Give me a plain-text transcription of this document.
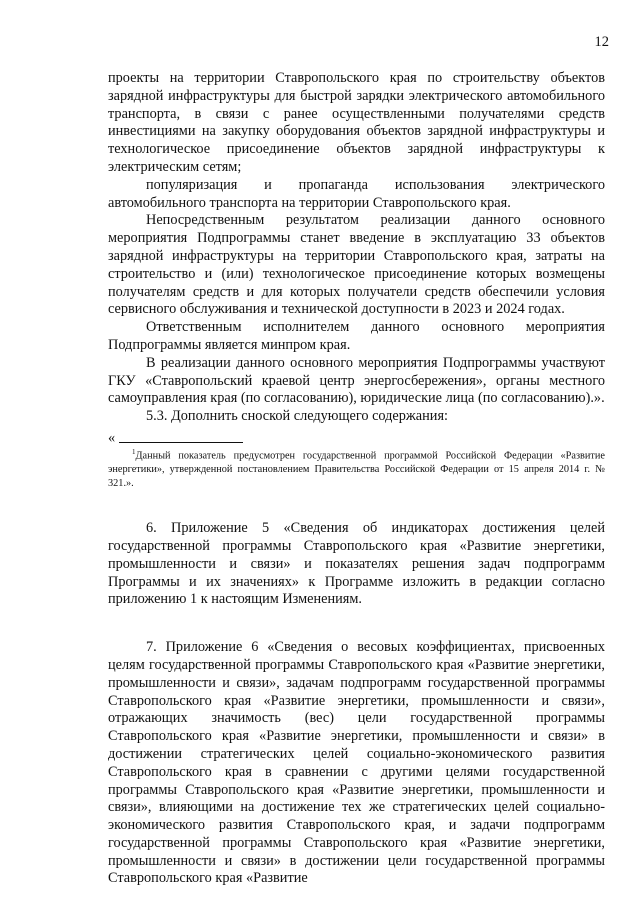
12

проекты на территории Ставропольского края по строительству объектов зарядной инфраструктуры для быстрой зарядки электрического автомобильного транспорта, в связи с ранее осуществленными получателями средств инвестициями на закупку оборудования объектов зарядной инфраструктуры и технологическое присоединение объектов зарядной инфраструктуры к электрическим сетям;

популяризация и пропаганда использования электрического автомобильного транспорта на территории Ставропольского края.

Непосредственным результатом реализации данного основного мероприятия Подпрограммы станет введение в эксплуатацию 33 объектов зарядной инфраструктуры на территории Ставропольского края, затраты на строительство и (или) технологическое присоединение которых возмещены получателям средств и для которых получатели средств обеспечили условия сервисного обслуживания и технической доступности в 2023 и 2024 годах.

Ответственным исполнителем данного основного мероприятия Подпрограммы является минпром края.

В реализации данного основного мероприятия Подпрограммы участвуют ГКУ «Ставропольский краевой центр энергосбережения», органы местного самоуправления края (по согласованию), юридические лица (по согласованию).».

5.3. Дополнить сноской следующего содержания:

«

$^1$Данный показатель предусмотрен государственной программой Российской Федерации «Развитие энергетики», утвержденной постановлением Правительства Российской Федерации от 15 апреля 2014 г. № 321.».

6. Приложение 5 «Сведения об индикаторах достижения целей государственной программы Ставропольского края «Развитие энергетики, промышленности и связи» и показателях решения задач подпрограмм Программы и их значениях» к Программе изложить в редакции согласно приложению 1 к настоящим Изменениям.

7. Приложение 6 «Сведения о весовых коэффициентах, присвоенных целям государственной программы Ставропольского края «Развитие энергетики, промышленности и связи», задачам подпрограмм государственной программы Ставропольского края «Развитие энергетики, промышленности и связи», отражающих значимость (вес) цели государственной программы Ставропольского края «Развитие энергетики, промышленности и связи» в достижении стратегических целей социально-экономического развития Ставропольского края в сравнении с другими целями государственной программы Ставропольского края «Развитие энергетики, промышленности и связи», влияющими на достижение тех же стратегических целей социально-экономического развития Ставропольского края, и задачи подпрограмм государственной программы Ставропольского края «Развитие энергетики, промышленности и связи» в достижении цели государственной программы Ставропольского края «Развитие
